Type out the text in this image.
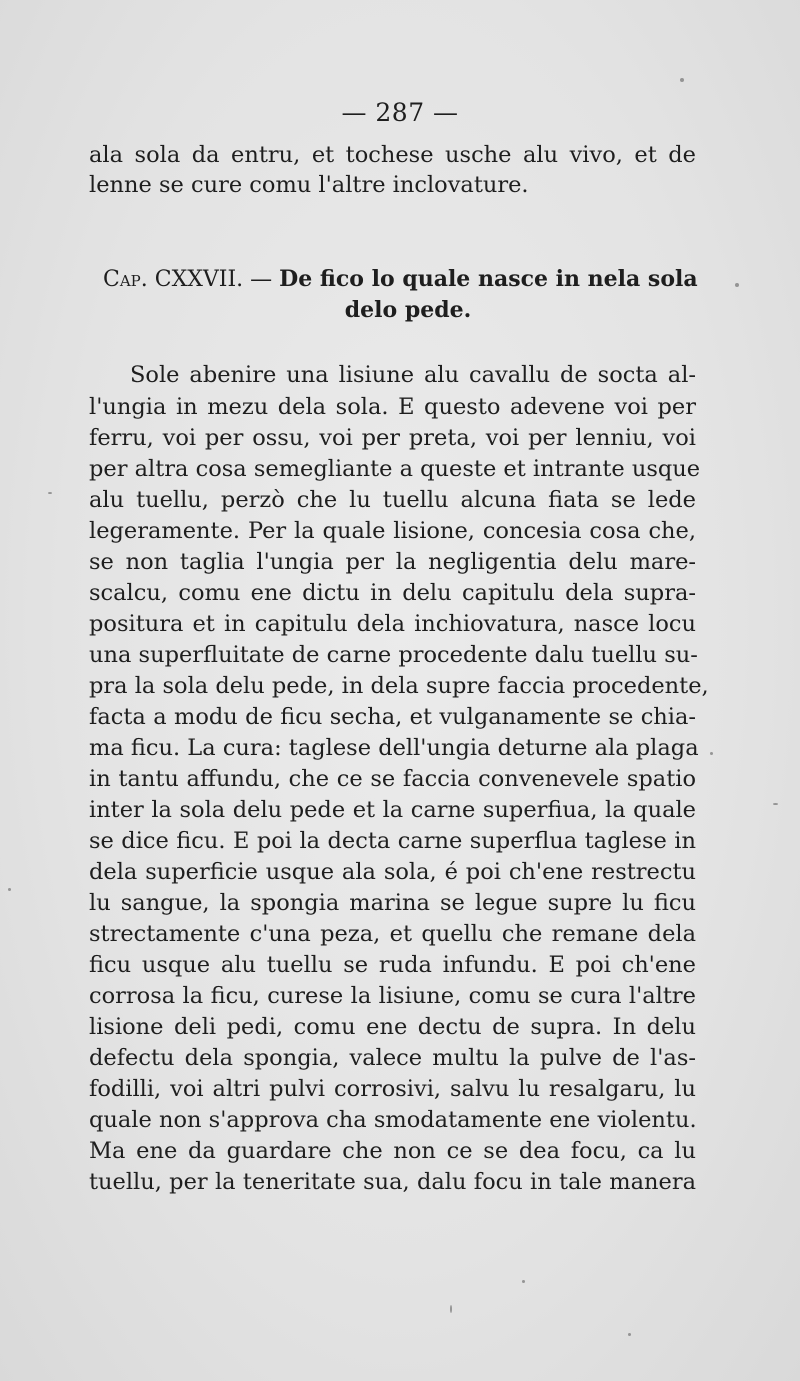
— 287 —
ala sola da entru, et tochese usche alu vivo, et de
lenne se cure comu l'altre inclovature.
Cap. CXXVII. — De fico lo quale nasce in nela sola
delo pede.
Sole abenire una lisiune alu cavallu de socta al-
l'ungia in mezu dela sola. E questo adevene voi per
ferru, voi per ossu, voi per preta, voi per lenniu, voi
per altra cosa semegliante a queste et intrante usque
alu tuellu, perzò che lu tuellu alcuna fiata se lede
legeramente. Per la quale lisione, concesia cosa che,
se non taglia l'ungia per la negligentia delu mare-
scalcu, comu ene dictu in delu capitulu dela supra-
positura et in capitulu dela inchiovatura, nasce locu
una superfluitate de carne procedente dalu tuellu su-
pra la sola delu pede, in dela supre faccia procedente,
facta a modu de ficu secha, et vulganamente se chia-
ma ficu. La cura: taglese dell'ungia deturne ala plaga
in tantu affundu, che ce se faccia convenevele spatio
inter la sola delu pede et la carne superfiua, la quale
se dice ficu. E poi la decta carne superflua taglese in
dela superficie usque ala sola, é poi ch'ene restrectu
lu sangue, la spongia marina se legue supre lu ficu
strectamente c'una peza, et quellu che remane dela
ficu usque alu tuellu se ruda infundu. E poi ch'ene
corrosa la ficu, curese la lisiune, comu se cura l'altre
lisione deli pedi, comu ene dectu de supra. In delu
defectu dela spongia, valece multu la pulve de l'as-
fodilli, voi altri pulvi corrosivi, salvu lu resalgaru, lu
quale non s'approva cha smodatamente ene violentu.
Ma ene da guardare che non ce se dea focu, ca lu
tuellu, per la teneritate sua, dalu focu in tale manera
